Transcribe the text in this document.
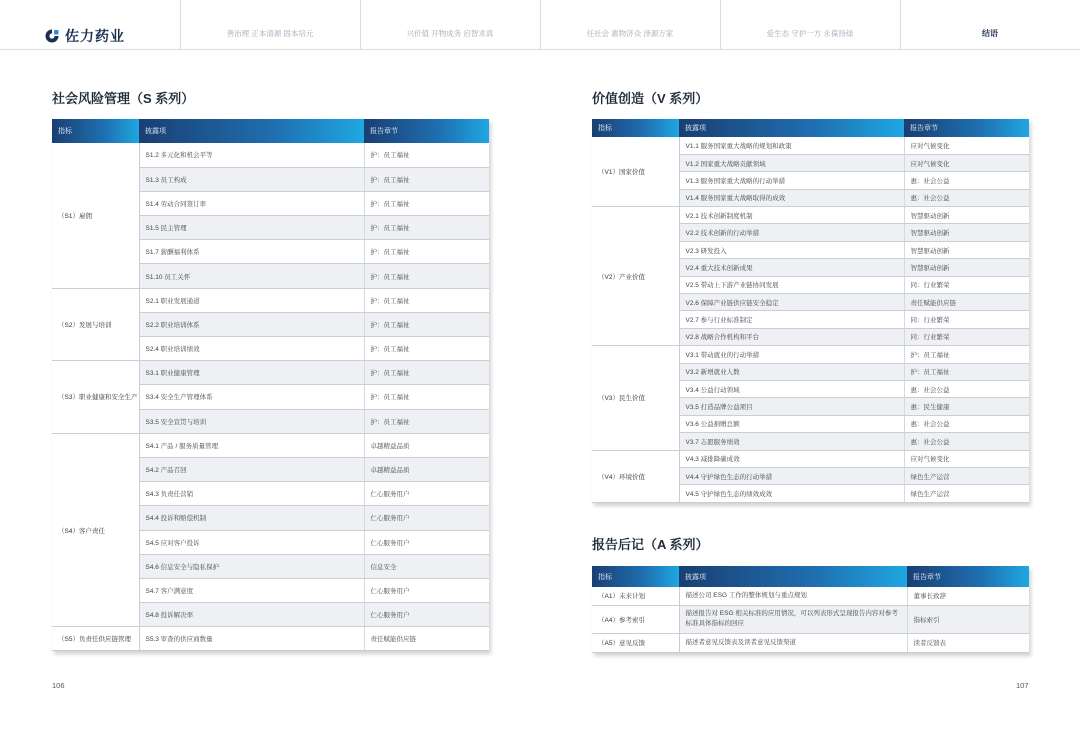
佐力药业	善治理 正本清源 固本培元	兴价值 开物成务 启智求真	任社会 惠物济众 泽源万家	爱生态 守护一方 永葆持绿	结语
社会风险管理（S 系列）
指标	披露项	报告章节
（S1）雇佣	S1.2 多元化和机会平等	护：员工福祉
	S1.3 员工构成	护：员工福祉
	S1.4 劳动合同签订率	护：员工福祉
	S1.5 民主管理	护：员工福祉
	S1.7 薪酬福利体系	护：员工福祉
	S1.10 员工关怀	护：员工福祉
（S2）发展与培训	S2.1 职业发展通道	护：员工福祉
	S2.2 职业培训体系	护：员工福祉
	S2.4 职业培训绩效	护：员工福祉
（S3）职业健康和安全生产	S3.1 职业健康管理	护：员工福祉
	S3.4 安全生产管理体系	护：员工福祉
	S3.5 安全宣贯与培训	护：员工福祉
（S4）客户责任	S4.1 产品 / 服务质量管理	卓越精益品质
	S4.2 产品召回	卓越精益品质
	S4.3 负责任营销	仁心服务用户
	S4.4 投诉和赔偿机制	仁心服务用户
	S4.5 应对客户投诉	仁心服务用户
	S4.6 信息安全与隐私保护	信息安全
	S4.7 客户满意度	仁心服务用户
	S4.8 投诉解决率	仁心服务用户
（S5）负责任供应链管理	S5.3 审查的供应商数量	责任赋能供应链
价值创造（V 系列）
指标	披露项	报告章节
（V1）国家价值	V1.1 服务国家重大战略的规划和政策	应对气候变化
	V1.2 国家重大战略贡献领域	应对气候变化
	V1.3 服务国家重大战略的行动举措	惠：社会公益
	V1.4 服务国家重大战略取得的成效	惠：社会公益
（V2）产业价值	V2.1 技术创新制度机制	智慧驱动创新
	V2.2 技术创新的行动举措	智慧驱动创新
	V2.3 研发投入	智慧驱动创新
	V2.4 重大技术创新成果	智慧驱动创新
	V2.5 带动上下游产业链协同发展	同：行业繁荣
	V2.6 保障产业链供应链安全稳定	责任赋能供应链
	V2.7 参与行业标准制定	同：行业繁荣
	V2.8 战略合作机构和平台	同：行业繁荣
（V3）民生价值	V3.1 带动就业的行动举措	护：员工福祉
	V3.2 新增就业人数	护：员工福祉
	V3.4 公益行动领域	惠：社会公益
	V3.5 打造品牌公益项目	惠：民生健康
	V3.6 公益捐赠总额	惠：社会公益
	V3.7 志愿服务绩效	惠：社会公益
（V4）环境价值	V4.3 减排降碳成效	应对气候变化
	V4.4 守护绿色生态的行动举措	绿色生产运营
	V4.5 守护绿色生态的绩效成效	绿色生产运营
报告后记（A 系列）
指标	披露项	报告章节
（A1）未来计划	描述公司 ESG 工作的整体规划与重点规划	董事长致辞
（A4）参考索引	描述报告对 ESG 相关标准的应用情况，可以列表形式呈现报告内容对参考标准具体指标的回应	指标索引
（A5）意见反馈	描述者意见反馈表及读者意见反馈渠道	读者反馈表
106	107
